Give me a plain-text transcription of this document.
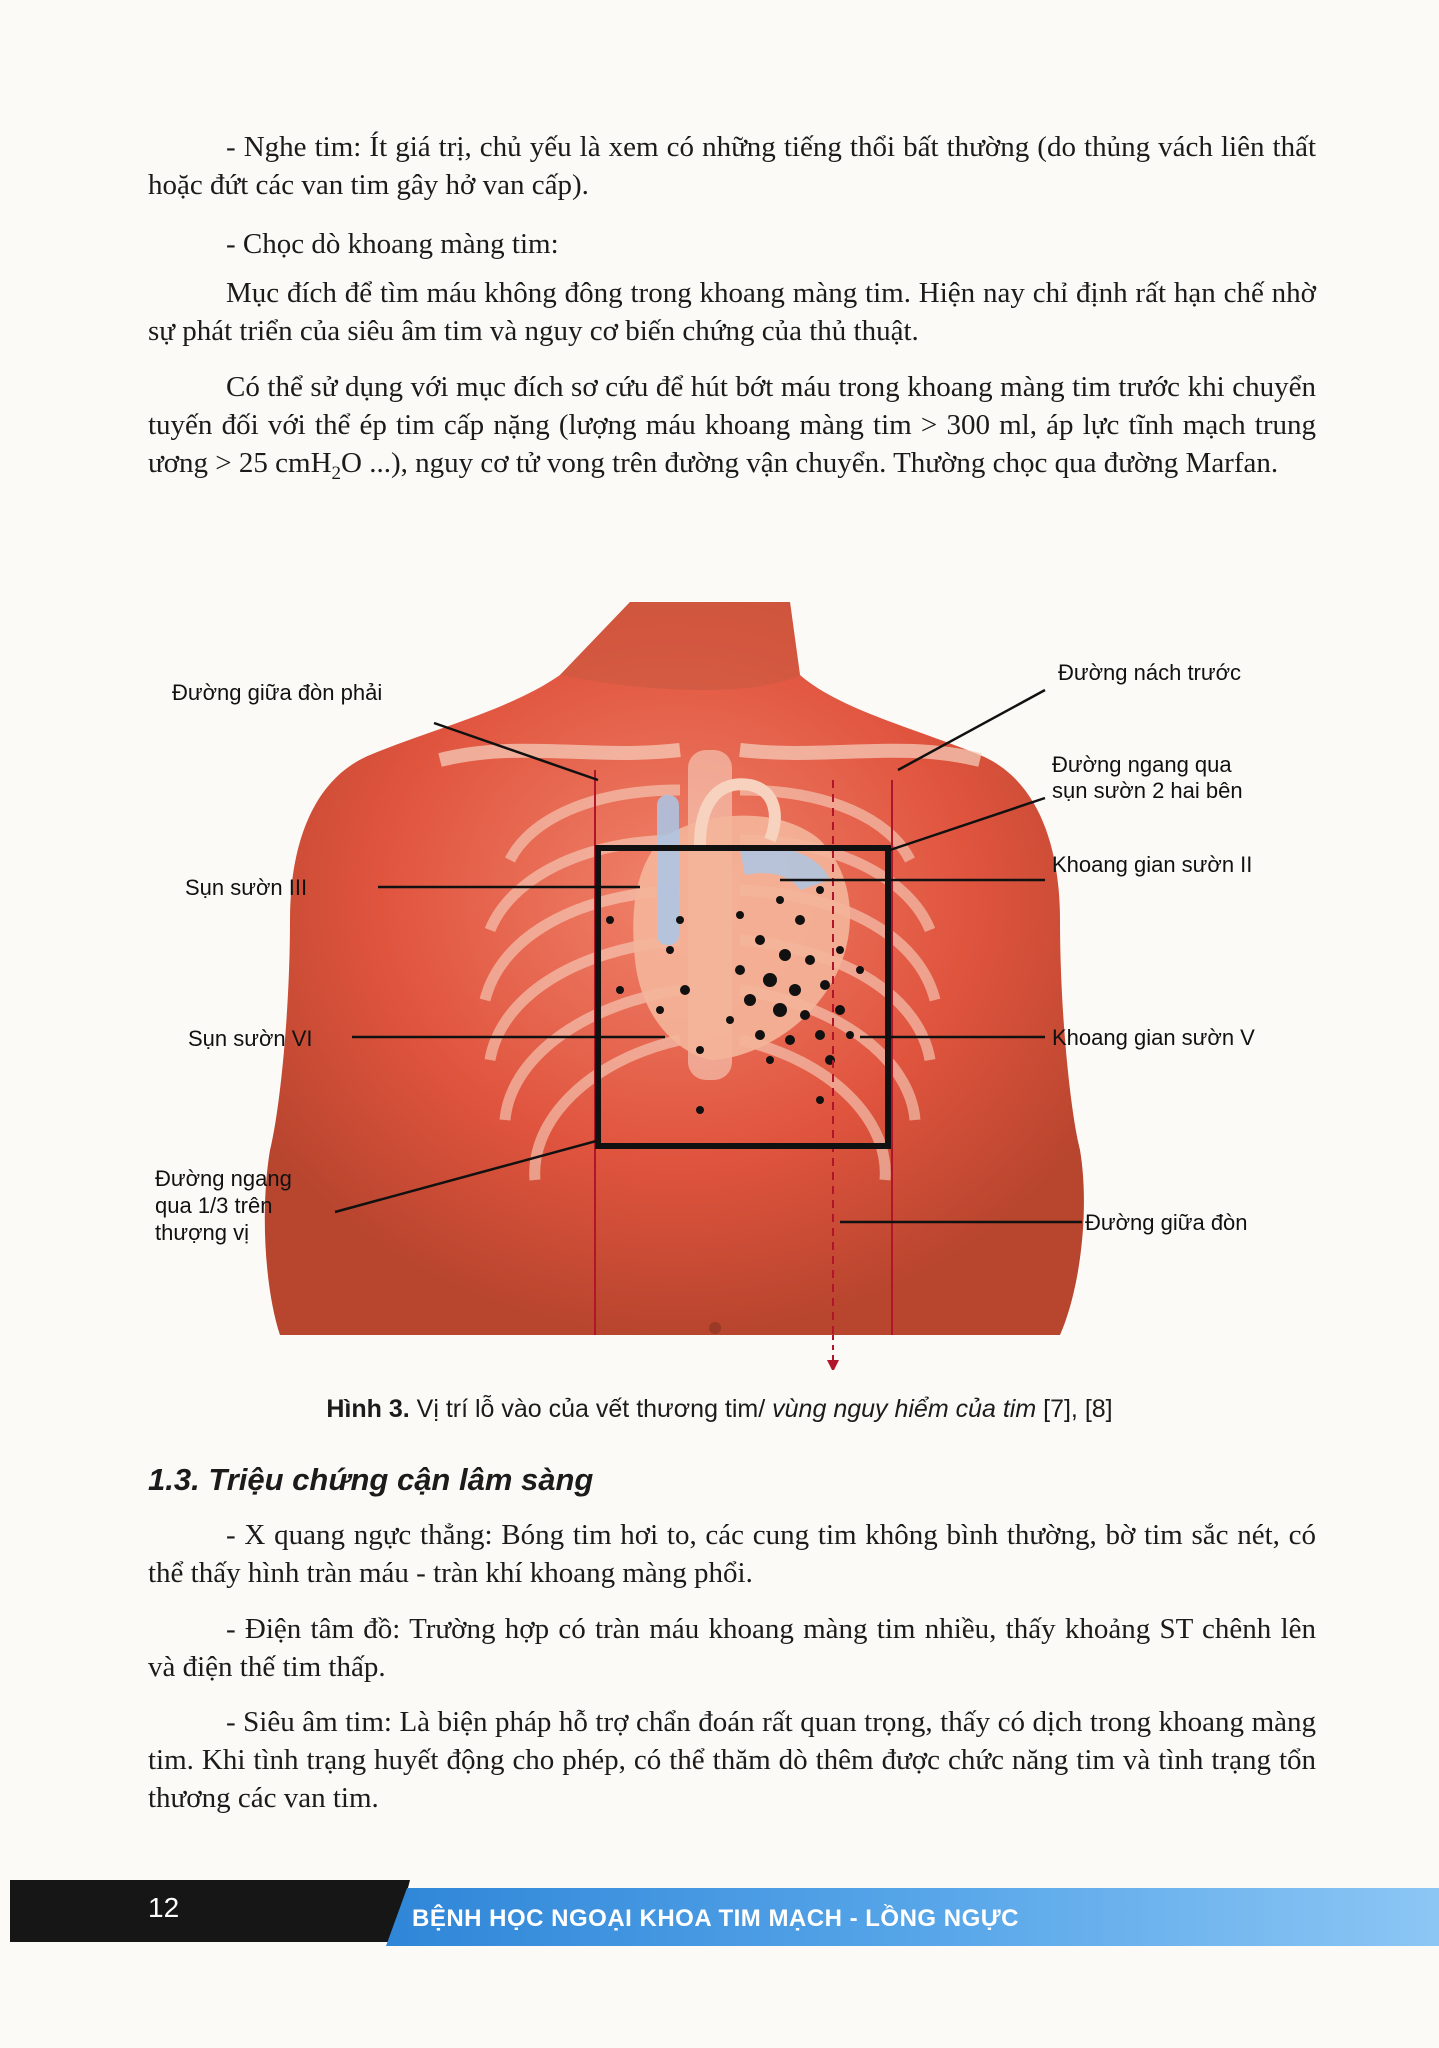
- Nghe tim: Ít giá trị, chủ yếu là xem có những tiếng thổi bất thường (do thủng vách liên thất hoặc đứt các van tim gây hở van cấp).

- Chọc dò khoang màng tim:

Mục đích để tìm máu không đông trong khoang màng tim. Hiện nay chỉ định rất hạn chế nhờ sự phát triển của siêu âm tim và nguy cơ biến chứng của thủ thuật.

Có thể sử dụng với mục đích sơ cứu để hút bớt máu trong khoang màng tim trước khi chuyển tuyến đối với thể ép tim cấp nặng (lượng máu khoang màng tim > 300 ml, áp lực tĩnh mạch trung ương > 25 cmH$_2$O ...), nguy cơ tử vong trên đường vận chuyển. Thường chọc qua đường Marfan.

Đường giữa đòn phải
Đường nách trước
Đường ngang qua
sụn sườn 2 hai bên
Sụn sườn III
Khoang gian sườn II
Sụn sườn VI	Khoang gian sườn V
Đường ngang
qua 1/3 trên
thượng vị	Đường giữa đòn
Hình 3. Vị trí lỗ vào của vết thương tim/ vùng nguy hiểm của tim [7], [8]
1.3. Triệu chứng cận lâm sàng

- X quang ngực thẳng: Bóng tim hơi to, các cung tim không bình thường, bờ tim sắc nét, có thể thấy hình tràn máu - tràn khí khoang màng phổi.

- Điện tâm đồ: Trường hợp có tràn máu khoang màng tim nhiều, thấy khoảng ST chênh lên và điện thế tim thấp.

- Siêu âm tim: Là biện pháp hỗ trợ chẩn đoán rất quan trọng, thấy có dịch trong khoang màng tim. Khi tình trạng huyết động cho phép, có thể thăm dò thêm được chức năng tim và tình trạng tổn thương các van tim.

12	BỆNH HỌC NGOẠI KHOA TIM MẠCH - LỒNG NGỰC
